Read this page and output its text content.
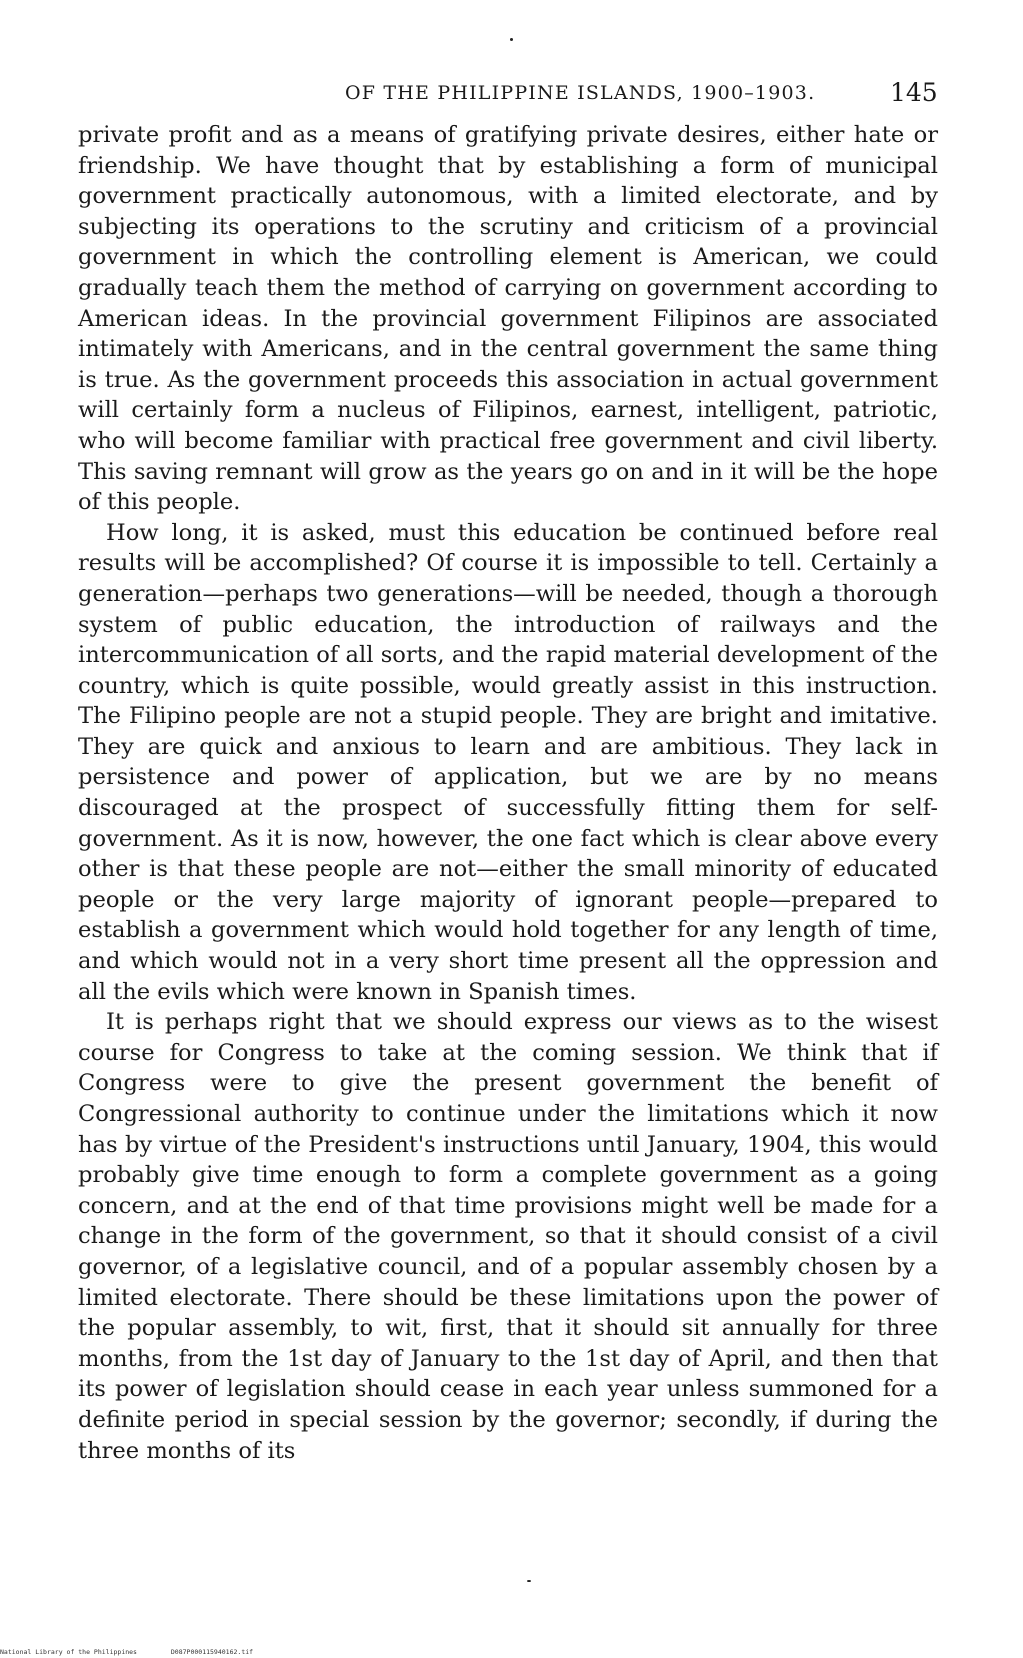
OF THE PHILIPPINE ISLANDS, 1900–1903.	145

private profit and as a means of gratifying private desires, either hate or friendship. We have thought that by establishing a form of municipal government practically autonomous, with a limited electorate, and by subjecting its operations to the scrutiny and criticism of a provincial government in which the controlling element is American, we could gradually teach them the method of carrying on government according to American ideas. In the provincial government Filipinos are associated intimately with Americans, and in the central government the same thing is true. As the government proceeds this association in actual government will certainly form a nucleus of Filipinos, earnest, intelligent, patriotic, who will become familiar with practical free government and civil liberty. This saving remnant will grow as the years go on and in it will be the hope of this people.

How long, it is asked, must this education be continued before real results will be accomplished? Of course it is impossible to tell. Certainly a generation—perhaps two generations—will be needed, though a thorough system of public education, the introduction of railways and the intercommunication of all sorts, and the rapid material development of the country, which is quite possible, would greatly assist in this instruction. The Filipino people are not a stupid people. They are bright and imitative. They are quick and anxious to learn and are ambitious. They lack in persistence and power of application, but we are by no means discouraged at the prospect of successfully fitting them for self-government. As it is now, however, the one fact which is clear above every other is that these people are not—either the small minority of educated people or the very large majority of ignorant people—prepared to establish a government which would hold together for any length of time, and which would not in a very short time present all the oppression and all the evils which were known in Spanish times.

It is perhaps right that we should express our views as to the wisest course for Congress to take at the coming session. We think that if Congress were to give the present government the benefit of Congressional authority to continue under the limitations which it now has by virtue of the President's instructions until January, 1904, this would probably give time enough to form a complete government as a going concern, and at the end of that time provisions might well be made for a change in the form of the government, so that it should consist of a civil governor, of a legislative council, and of a popular assembly chosen by a limited electorate. There should be these limitations upon the power of the popular assembly, to wit, first, that it should sit annually for three months, from the 1st day of January to the 1st day of April, and then that its power of legislation should cease in each year unless summoned for a definite period in special session by the governor; secondly, if during the three months of its

National Library of the Philippines	D087P000115940162.tif
